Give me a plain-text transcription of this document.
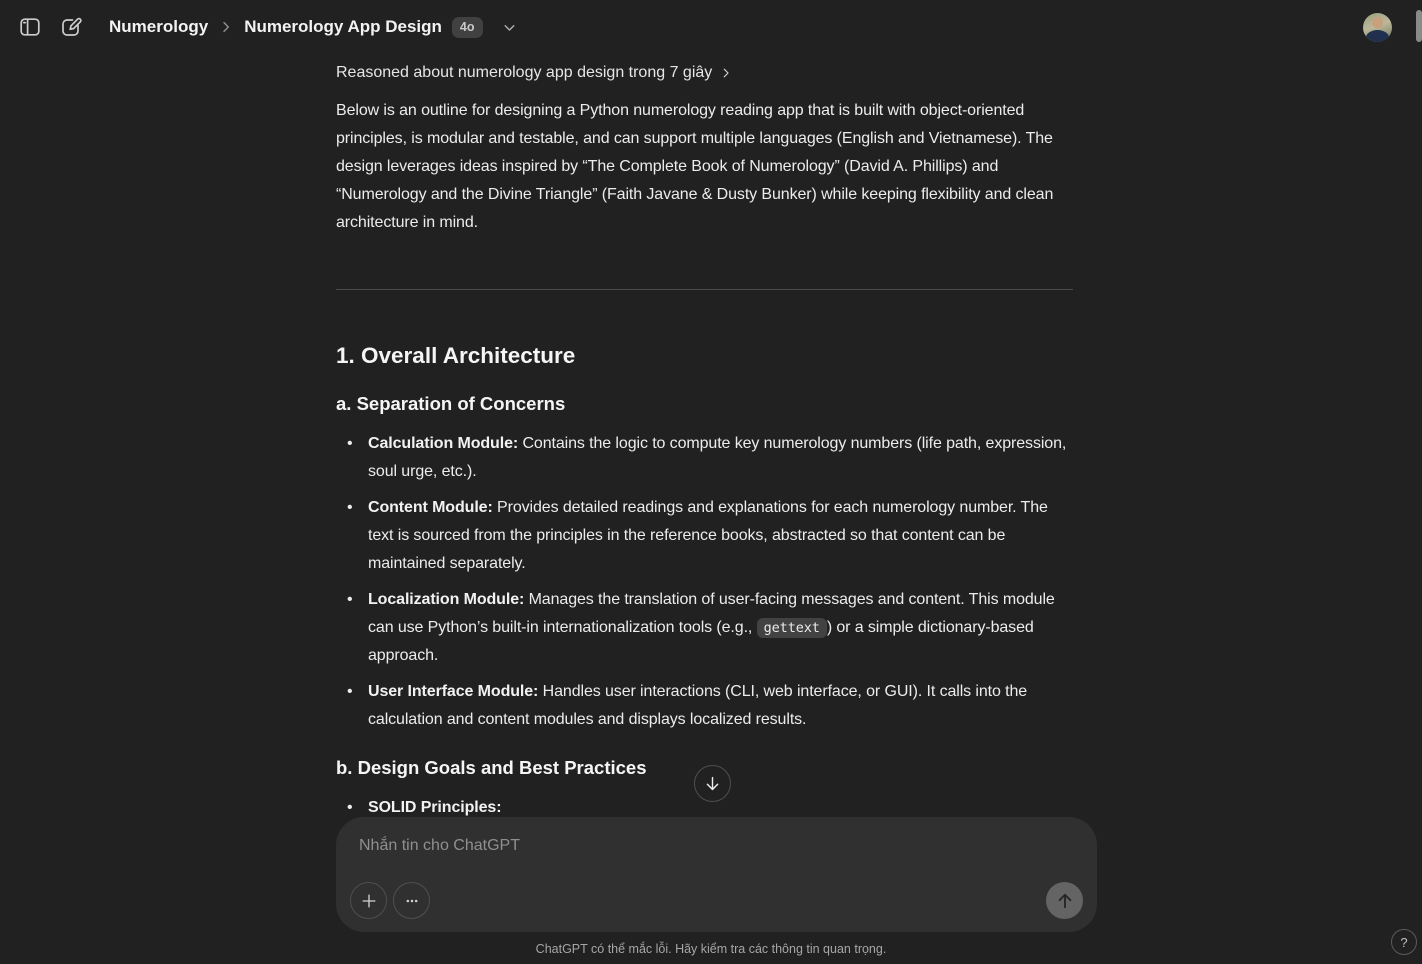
Numerology Numerology App Design	4o
Reasoned about numerology app design trong 7 giây

Below is an outline for designing a Python numerology reading app that is built with object-oriented principles, is modular and testable, and can support multiple languages (English and Vietnamese). The design leverages ideas inspired by “The Complete Book of Numerology” (David A. Phillips) and “Numerology and the Divine Triangle” (Faith Javane & Dusty Bunker) while keeping flexibility and clean architecture in mind.

1. Overall Architecture
a. Separation of Concerns
• Calculation Module: Contains the logic to compute key numerology numbers (life path, expression, soul urge, etc.).
• Content Module: Provides detailed readings and explanations for each numerology number. The text is sourced from the principles in the reference books, abstracted so that content can be maintained separately.
• Localization Module: Manages the translation of user-facing messages and content. This module can use Python’s built-in internationalization tools (e.g., gettext ) or a simple dictionary-based approach.
• User Interface Module: Handles user interactions (CLI, web interface, or GUI). It calls into the calculation and content modules and displays localized results.
b. Design Goals and Best Practices
• SOLID Principles:
Nhắn tin cho ChatGPT
ChatGPT có thể mắc lỗi. Hãy kiểm tra các thông tin quan trọng.	?
